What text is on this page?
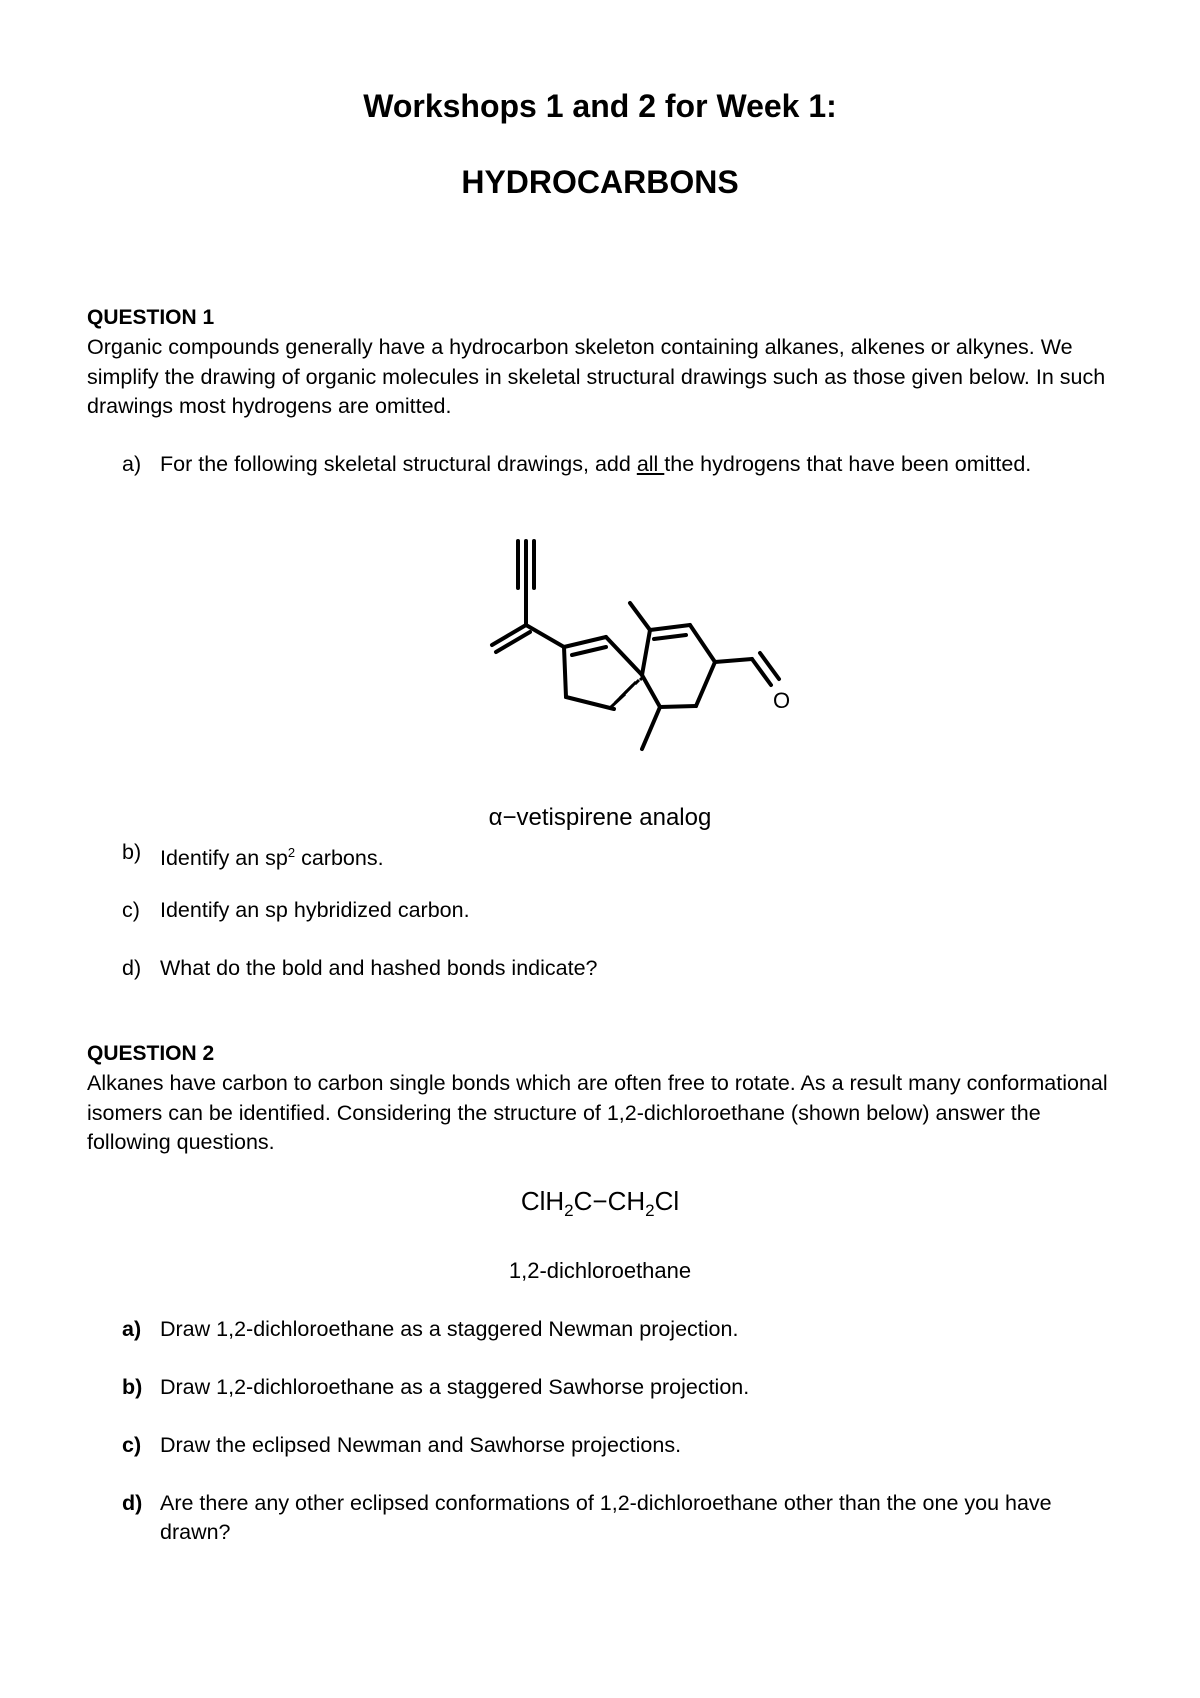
Workshops 1 and 2 for Week 1:
HYDROCARBONS
QUESTION 1
Organic compounds generally have a hydrocarbon skeleton containing alkanes, alkenes or alkynes. We simplify the drawing of organic molecules in skeletal structural drawings such as those given below. In such drawings most hydrogens are omitted.
a) For the following skeletal structural drawings, add all the hydrogens that have been omitted.
O
α−vetispirene analog
b) Identify an $sp^2$ carbons.
c) Identify an sp hybridized carbon.
d) What do the bold and hashed bonds indicate?
QUESTION 2
Alkanes have carbon to carbon single bonds which are often free to rotate. As a result many conformational isomers can be identified. Considering the structure of 1,2-dichloroethane (shown below) answer the following questions.
$ClH_2C-CH_2Cl$
1,2-dichloroethane
a) Draw 1,2-dichloroethane as a staggered Newman projection.
b) Draw 1,2-dichloroethane as a staggered Sawhorse projection.
c) Draw the eclipsed Newman and Sawhorse projections.
d) Are there any other eclipsed conformations of 1,2-dichloroethane other than the one you have drawn?
